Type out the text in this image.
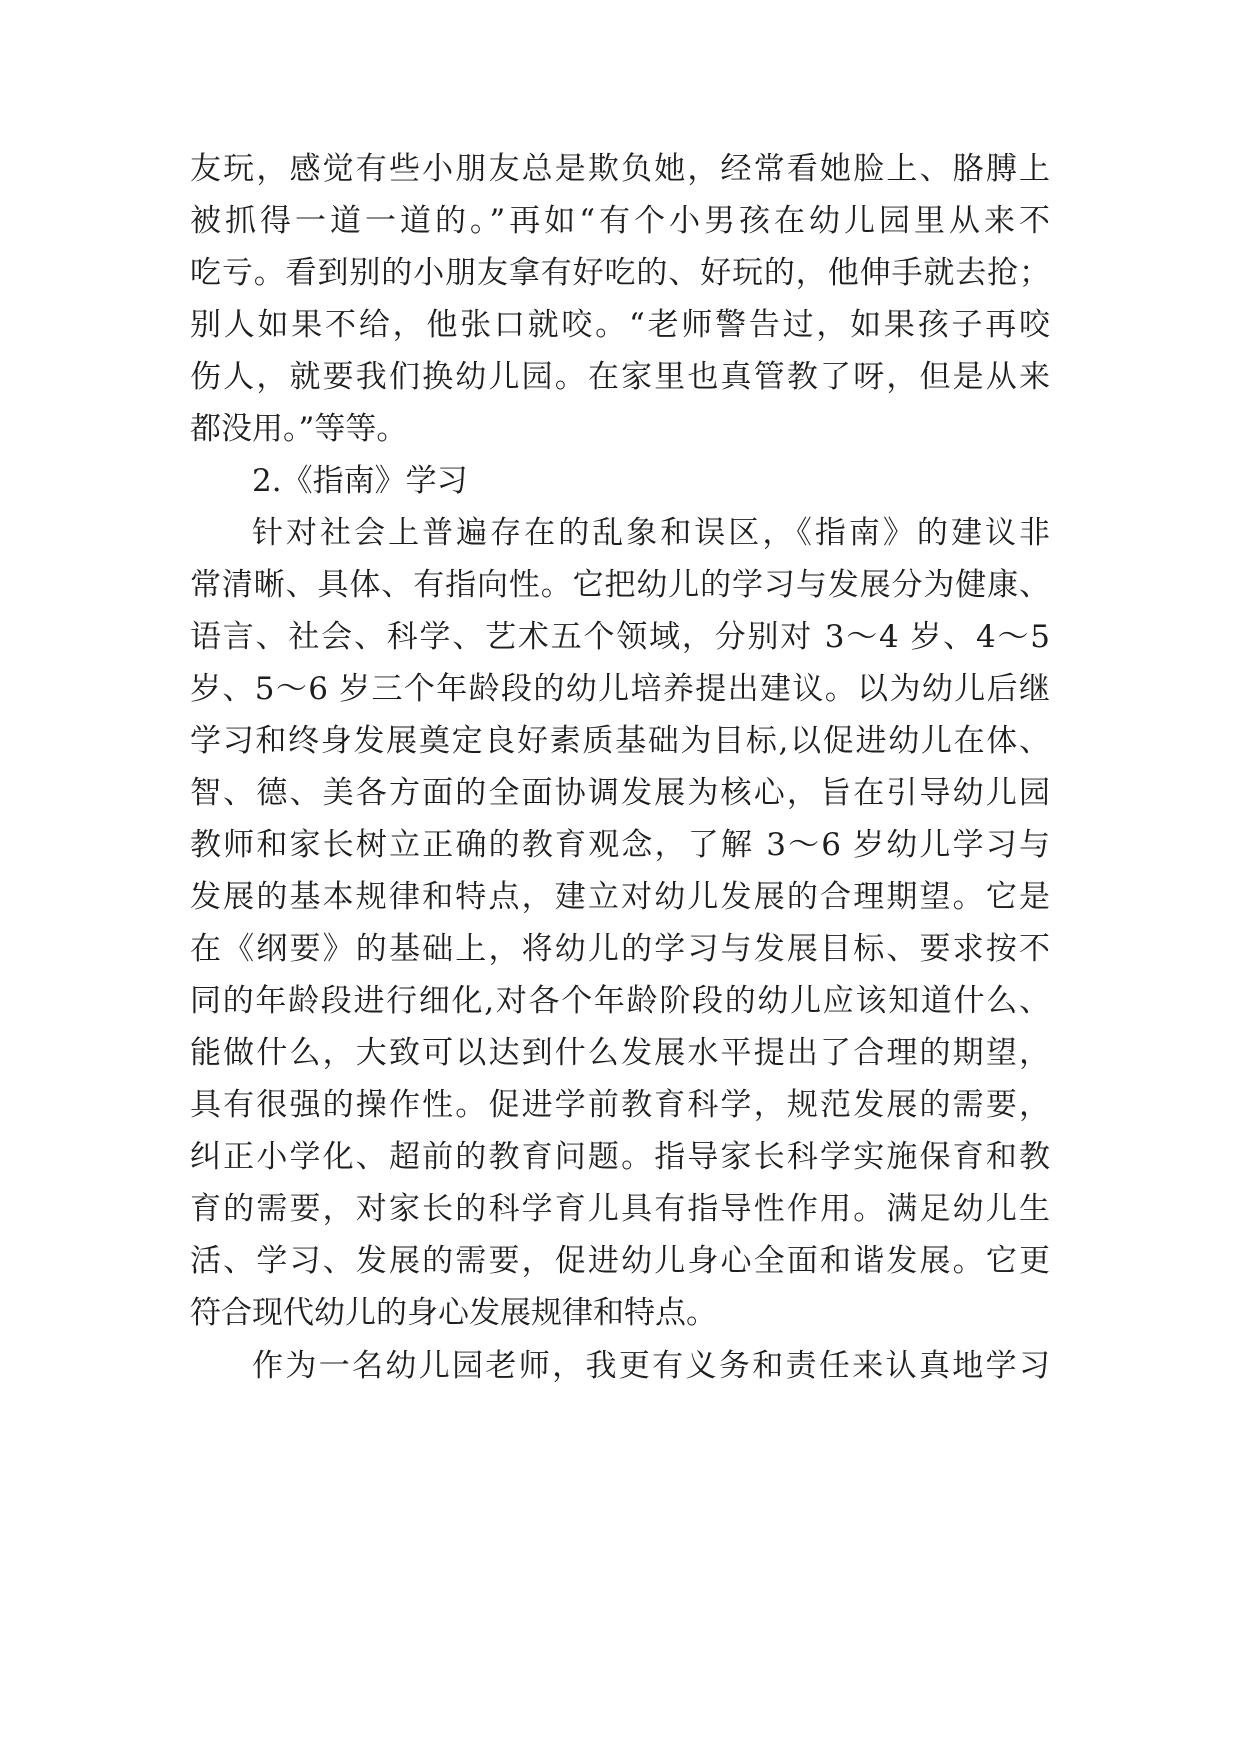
友玩，感觉有些小朋友总是欺负她，经常看她脸上、胳膊上
被抓得一道一道的。”再如“有个小男孩在幼儿园里从来不
吃亏。看到别的小朋友拿有好吃的、好玩的，他伸手就去抢；
别人如果不给，他张口就咬。“老师警告过，如果孩子再咬
伤人，就要我们换幼儿园。在家里也真管教了呀，但是从来
都没用。”等等。
2.《指南》学习
针对社会上普遍存在的乱象和误区，《指南》的建议非
常清晰、具体、有指向性。它把幼儿的学习与发展分为健康、
语言、社会、科学、艺术五个领域，分别对 3～4 岁、4～5
岁、5～6 岁三个年龄段的幼儿培养提出建议。以为幼儿后继
学习和终身发展奠定良好素质基础为目标,以促进幼儿在体、
智、德、美各方面的全面协调发展为核心，旨在引导幼儿园
教师和家长树立正确的教育观念，了解 3～6 岁幼儿学习与
发展的基本规律和特点，建立对幼儿发展的合理期望。它是
在《纲要》的基础上，将幼儿的学习与发展目标、要求按不
同的年龄段进行细化,对各个年龄阶段的幼儿应该知道什么、
能做什么，大致可以达到什么发展水平提出了合理的期望，
具有很强的操作性。促进学前教育科学，规范发展的需要，
纠正小学化、超前的教育问题。指导家长科学实施保育和教
育的需要，对家长的科学育儿具有指导性作用。满足幼儿生
活、学习、发展的需要，促进幼儿身心全面和谐发展。它更
符合现代幼儿的身心发展规律和特点。
作为一名幼儿园老师，我更有义务和责任来认真地学习
